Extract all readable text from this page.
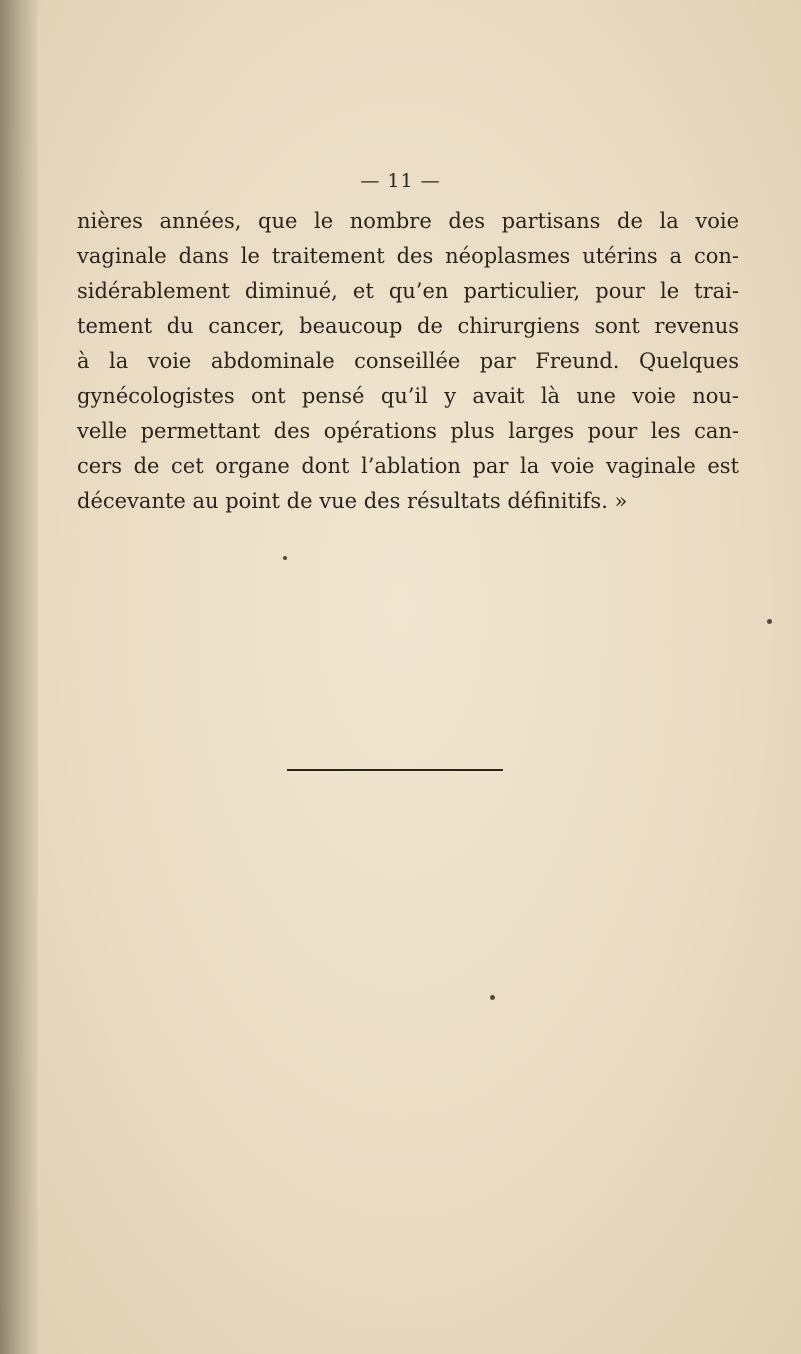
— 11 —
nières années, que le nombre des partisans de la voie
vaginale dans le traitement des néoplasmes utérins a con-
sidérablement diminué, et qu’en particulier, pour le trai-
tement du cancer, beaucoup de chirurgiens sont revenus
à la voie abdominale conseillée par Freund. Quelques
gynécologistes ont pensé qu’il y avait là une voie nou-
velle permettant des opérations plus larges pour les can-
cers de cet organe dont l’ablation par la voie vaginale est
décevante au point de vue des résultats définitifs. »
